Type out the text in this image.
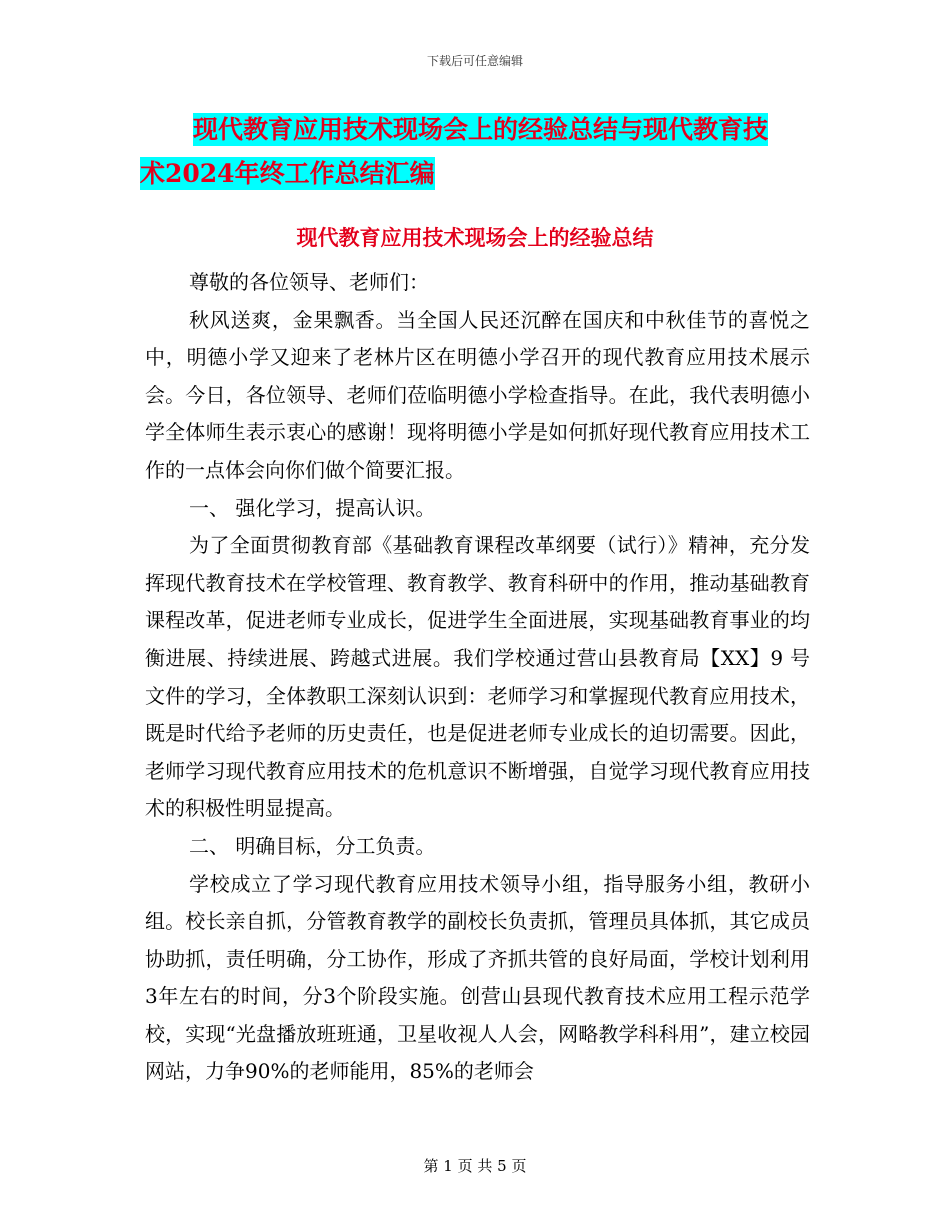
下载后可任意编辑
现代教育应用技术现场会上的经验总结与现代教育技
术2024年终工作总结汇编
现代教育应用技术现场会上的经验总结

尊敬的各位领导、老师们：

秋风送爽，金果飘香。当全国人民还沉醉在国庆和中秋佳节的喜悦之中，明德小学又迎来了老林片区在明德小学召开的现代教育应用技术展示会。今日，各位领导、老师们莅临明德小学检查指导。在此，我代表明德小学全体师生表示衷心的感谢！现将明德小学是如何抓好现代教育应用技术工作的一点体会向你们做个简要汇报。

一、 强化学习，提高认识。

为了全面贯彻教育部《基础教育课程改革纲要（试行）》精神，充分发挥现代教育技术在学校管理、教育教学、教育科研中的作用，推动基础教育课程改革，促进老师专业成长，促进学生全面进展，实现基础教育事业的均衡进展、持续进展、跨越式进展。我们学校通过营山县教育局【XX】9 号文件的学习，全体教职工深刻认识到：老师学习和掌握现代教育应用技术，既是时代给予老师的历史责任，也是促进老师专业成长的迫切需要。因此，老师学习现代教育应用技术的危机意识不断增强，自觉学习现代教育应用技术的积极性明显提高。

二、 明确目标，分工负责。

学校成立了学习现代教育应用技术领导小组，指导服务小组，教研小组。校长亲自抓，分管教育教学的副校长负责抓，管理员具体抓，其它成员协助抓，责任明确，分工协作，形成了齐抓共管的良好局面，学校计划利用3年左右的时间，分3个阶段实施。创营山县现代教育技术应用工程示范学校，实现“光盘播放班班通，卫星收视人人会，网略教学科科用”，建立校园网站，力争90%的老师能用，85%的老师会

第 1 页 共 5 页
